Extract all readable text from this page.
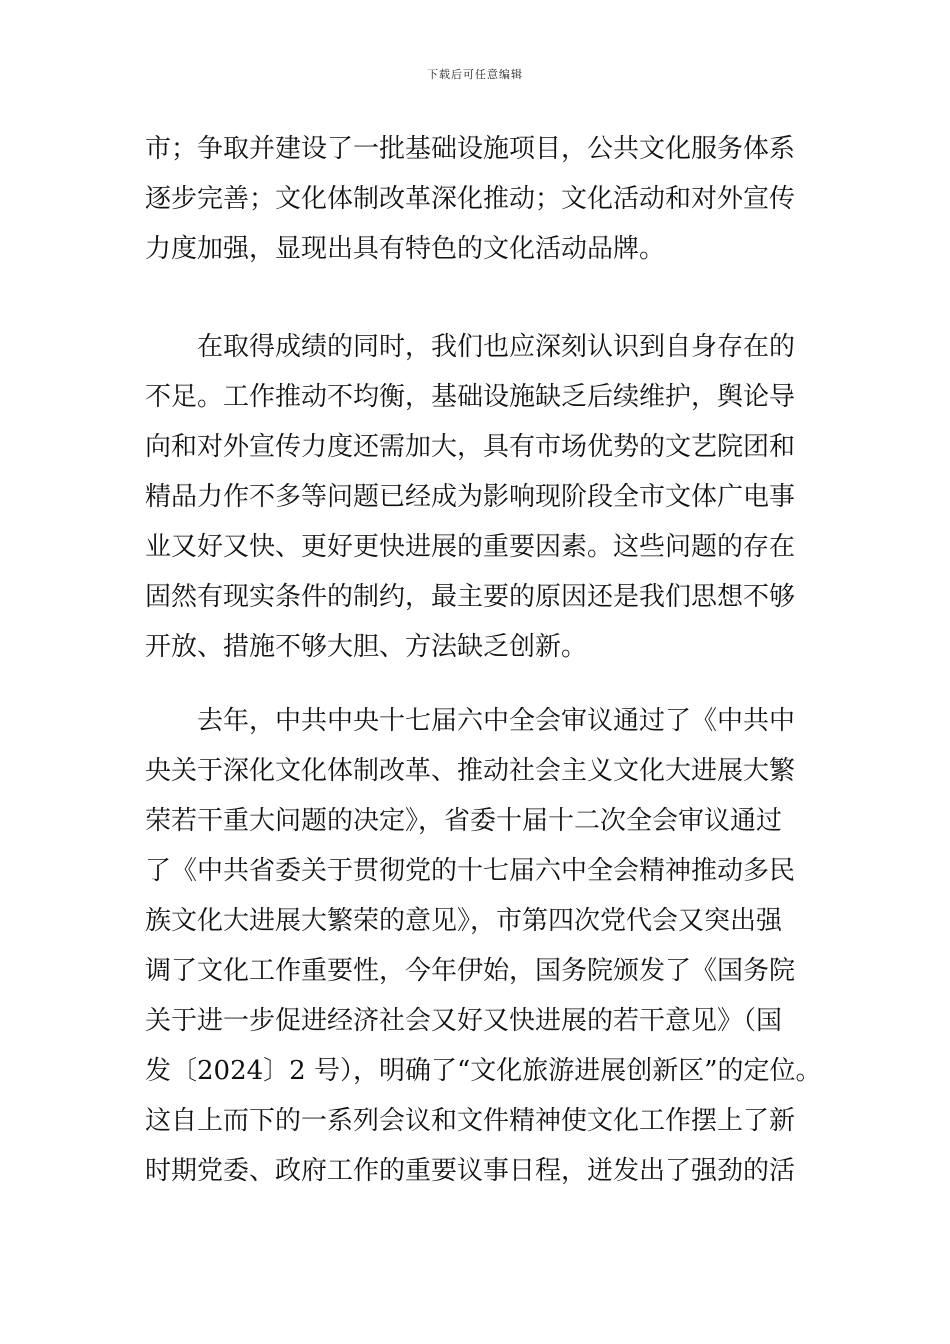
下载后可任意编辑
市；争取并建设了一批基础设施项目，公共文化服务体系
逐步完善；文化体制改革深化推动；文化活动和对外宣传
力度加强，显现出具有特色的文化活动品牌。
　　在取得成绩的同时，我们也应深刻认识到自身存在的
不足。工作推动不均衡，基础设施缺乏后续维护，舆论导
向和对外宣传力度还需加大，具有市场优势的文艺院团和
精品力作不多等问题已经成为影响现阶段全市文体广电事
业又好又快、更好更快进展的重要因素。这些问题的存在
固然有现实条件的制约，最主要的原因还是我们思想不够
开放、措施不够大胆、方法缺乏创新。
　　去年，中共中央十七届六中全会审议通过了《中共中
央关于深化文化体制改革、推动社会主义文化大进展大繁
荣若干重大问题的决定》，省委十届十二次全会审议通过
了《中共省委关于贯彻党的十七届六中全会精神推动多民
族文化大进展大繁荣的意见》，市第四次党代会又突出强
调了文化工作重要性，今年伊始，国务院颁发了《国务院
关于进一步促进经济社会又好又快进展的若干意见》（国
发〔2024〕2 号），明确了“文化旅游进展创新区”的定位。
这自上而下的一系列会议和文件精神使文化工作摆上了新
时期党委、政府工作的重要议事日程，迸发出了强劲的活
